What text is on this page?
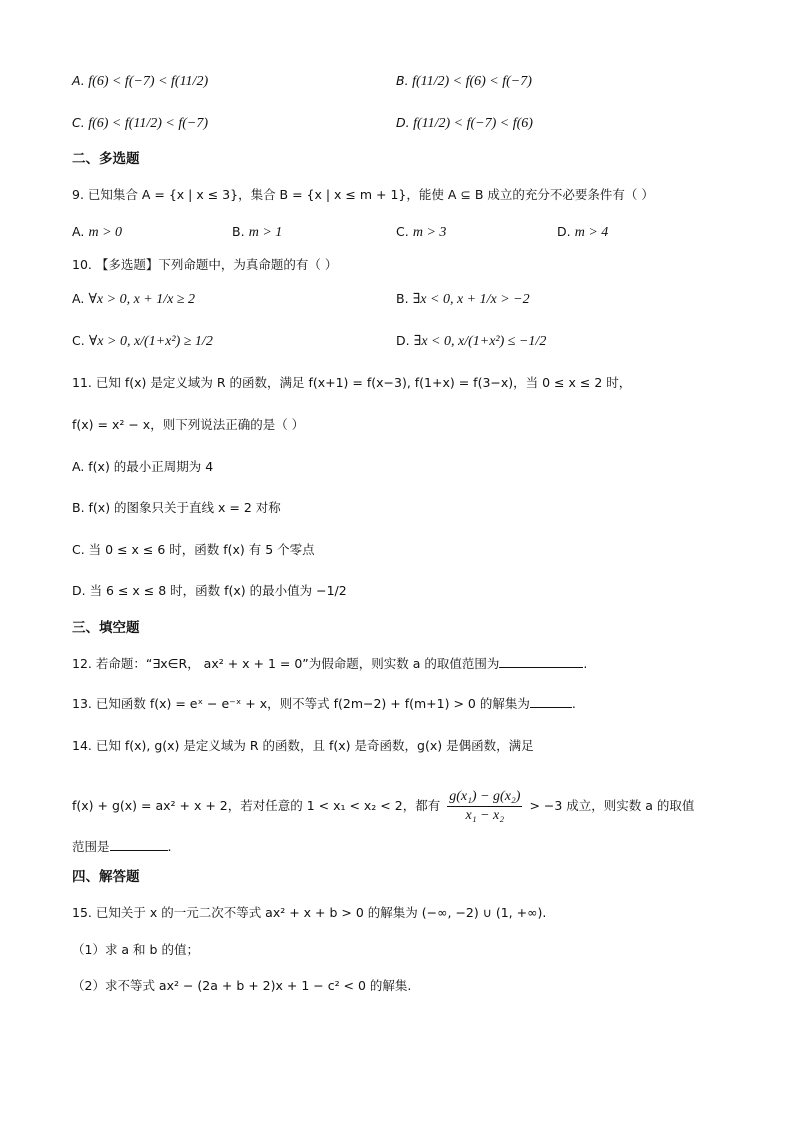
A. f(6) < f(−7) < f(11/2)	B. f(11/2) < f(6) < f(−7)
C. f(6) < f(11/2) < f(−7)	D. f(11/2) < f(−7) < f(6)
二、多选题
9. 已知集合 A = {x | x ≤ 3}，集合 B = {x | x ≤ m + 1}，能使 A ⊆ B 成立的充分不必要条件有（ ）
A. m > 0	B. m > 1	C. m > 3	D. m > 4
10. 【多选题】下列命题中，为真命题的有（ ）
A. ∀x > 0, x + 1/x ≥ 2	B. ∃x < 0, x + 1/x > −2
C. ∀x > 0, x/(1+x²) ≥ 1/2	D. ∃x < 0, x/(1+x²) ≤ −1/2
11. 已知 f(x) 是定义域为 R 的函数，满足 f(x+1) = f(x−3), f(1+x) = f(3−x)，当 0 ≤ x ≤ 2 时，
f(x) = x² − x，则下列说法正确的是（ ）
A. f(x) 的最小正周期为 4
B. f(x) 的图象只关于直线 x = 2 对称
C. 当 0 ≤ x ≤ 6 时，函数 f(x) 有 5 个零点
D. 当 6 ≤ x ≤ 8 时，函数 f(x) 的最小值为 −1/2
三、填空题
12. 若命题：“∃x∈R， ax² + x + 1 = 0”为假命题，则实数 a 的取值范围为	.
13. 已知函数 f(x) = eˣ − e⁻ˣ + x，则不等式 f(2m−2) + f(m+1) > 0 的解集为	.
14. 已知 f(x), g(x) 是定义域为 R 的函数，且 f(x) 是奇函数，g(x) 是偶函数，满足
f(x) + g(x) = ax² + x + 2，若对任意的 1 < x₁ < x₂ < 2，都有 $\frac{\text{g(x₁) − g(x₂)}}{\text{x₁ − x₂}} > -3$ 成立，则实数 a 的取值
范围是	.
四、解答题
15. 已知关于 x 的一元二次不等式 ax² + x + b > 0 的解集为 (−∞, −2) ∪ (1, +∞).
（1）求 a 和 b 的值；
（2）求不等式 ax² − (2a + b + 2)x + 1 − c² < 0 的解集.
